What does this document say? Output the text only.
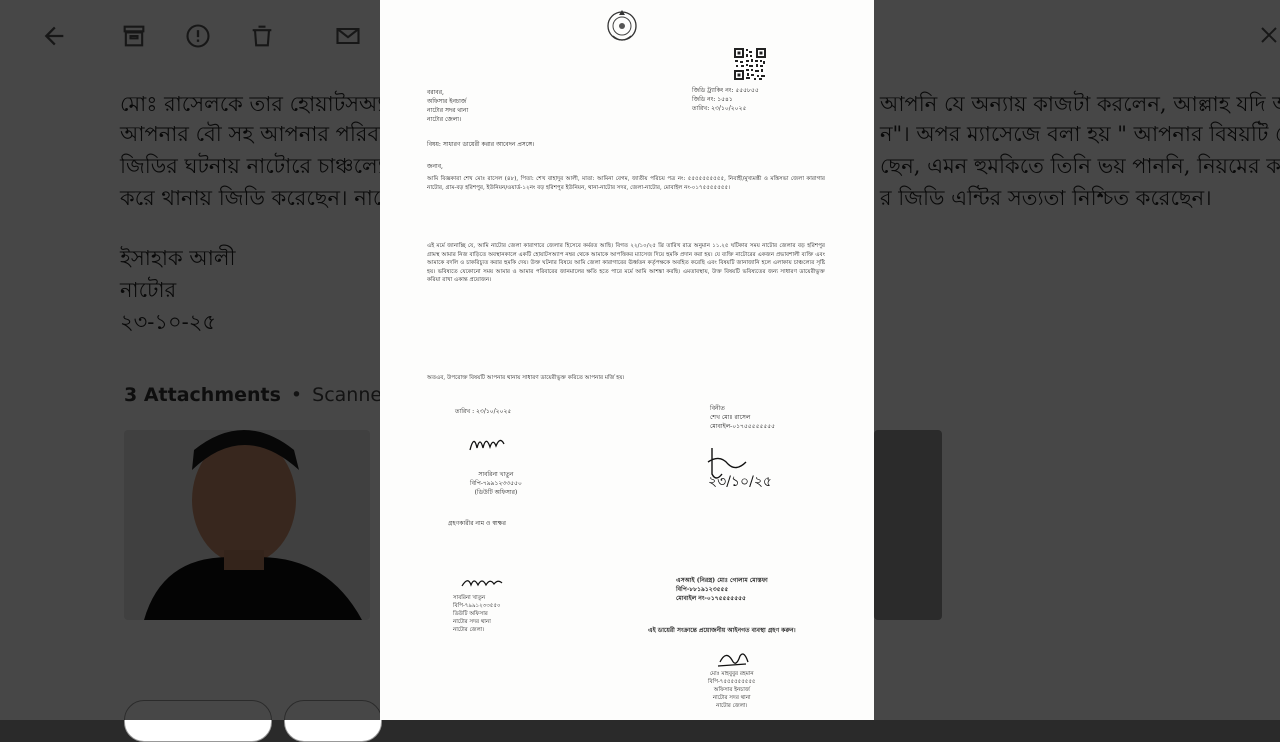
বরাবর,
অফিসার ইনচার্জ
নাটোর সদর থানা
নাটোর জেলা।
জিডি ট্র্যাকিং নং: ৫৫৫৮৫৫
জিডি নং: ১৫৪১
তারিখ: ২৩/১০/২০২৫
বিষয়: সাধারণ ডায়েরী করার আবেদন প্রসঙ্গে।
জনাব,
আমি বিজ্ঞকারা শেখ মোঃ রাসেল (৪৮), পিতা: শেখ বাহাদুর আলী, মাতা: আমিনা বেগম, জাতীয় পরিচয় পত্র নং: ৫৫৫৫৫৫৫৫৫৫, নিবাহী/মুখ্যমন্ত্রী ও মন্ত্রিসভা জেলা কারাগার নাটোর, গ্রাম-বড় হরিশপুর, ইউনিয়ন/ওয়ার্ড-১২নং বড় হরিশপুর ইউনিয়ন, থানা-নাটোর সদর, জেলা-নাটোর, মোবাইল নং-০১৭৫৫৫৫৫৫৫।
এই মর্মে জানাচ্ছি যে, আমি নাটোর জেলা কারাগারে জেলার হিসেবে কর্মরত আছি। বিগত ২২/১০/২৫ খ্রি তারিখ রাত্র অনুমান ১১.২৫ ঘটিকার সময় নাটোর জেলার বড় হরিশপুর গ্রামস্থ আমার নিজ বাড়িতে অবস্থানকালে একটি হোয়াটসঅ্যাপ নম্বর থেকে আমাকে আপত্তিকর ম্যাসেজ দিয়ে হুমকি প্রদান করা হয়। যে ব্যক্তি নাটোরের একজন প্রভাবশালী ব্যক্তি এবং আমাকে বদলি ও চাকরিচ্যুত করার হুমকি দেয়। উক্ত ঘটনার বিষয়ে আমি জেলা কারাগারের ঊর্ধ্বতন কর্তৃপক্ষকে অবহিত করেছি এবং বিষয়টি জানাজানি হলে এলাকায় চাঞ্চল্যের সৃষ্টি হয়। ভবিষ্যতে যেকোনো সময় আমার ও আমার পরিবারের জানমালের ক্ষতি হতে পারে মর্মে আমি আশঙ্কা করছি। এমতাবস্থায়, উক্ত বিষয়টি ভবিষ্যতের জন্য সাধারণ ডায়েরীভুক্ত করিয়া রাখা একান্ত প্রয়োজন।
অতএব, উপরোক্ত বিষয়টি আপনার থানায় সাধারণ ডায়েরীভুক্ত করিতে আপনার মর্জি হয়।
তারিখ : ২৩/১০/২০২৫
সাবরিনা খাতুন
বিপি-৭৯৯১২৩৩৫৫০
(ডিউটি অফিসার)
গ্রহণকারীর নাম ও স্বাক্ষর
বিনীত
শেখ মোঃ রাসেল
মোবাইল-০১৭৫৫৫৫৫৫৫৫
২৩/১০/২৫
সাবরিনা খাতুন
বিপি-৭৯৯১২৩৩৫৫০
ডিউটি অফিসার
নাটোর সদর থানা
নাটোর জেলা।
এসআই (নিরস্ত্র) মোঃ গোলাম মোস্তফা
বিপি-৮৮১৯১২৩৫৫৫
মোবাইল নং-০১৭৫৫৫৫৫৫৫
এই ডায়েরী সংক্রান্তে প্রয়োজনীয় আইনগত ব্যবস্থা গ্রহণ করুন।
মোঃ মাহবুবুর রহমান
বিপি-৭৫৫৫৫৫৫৫৫৫
অফিসার ইনচার্জ
নাটোর সদর থানা
নাটোর জেলা।
